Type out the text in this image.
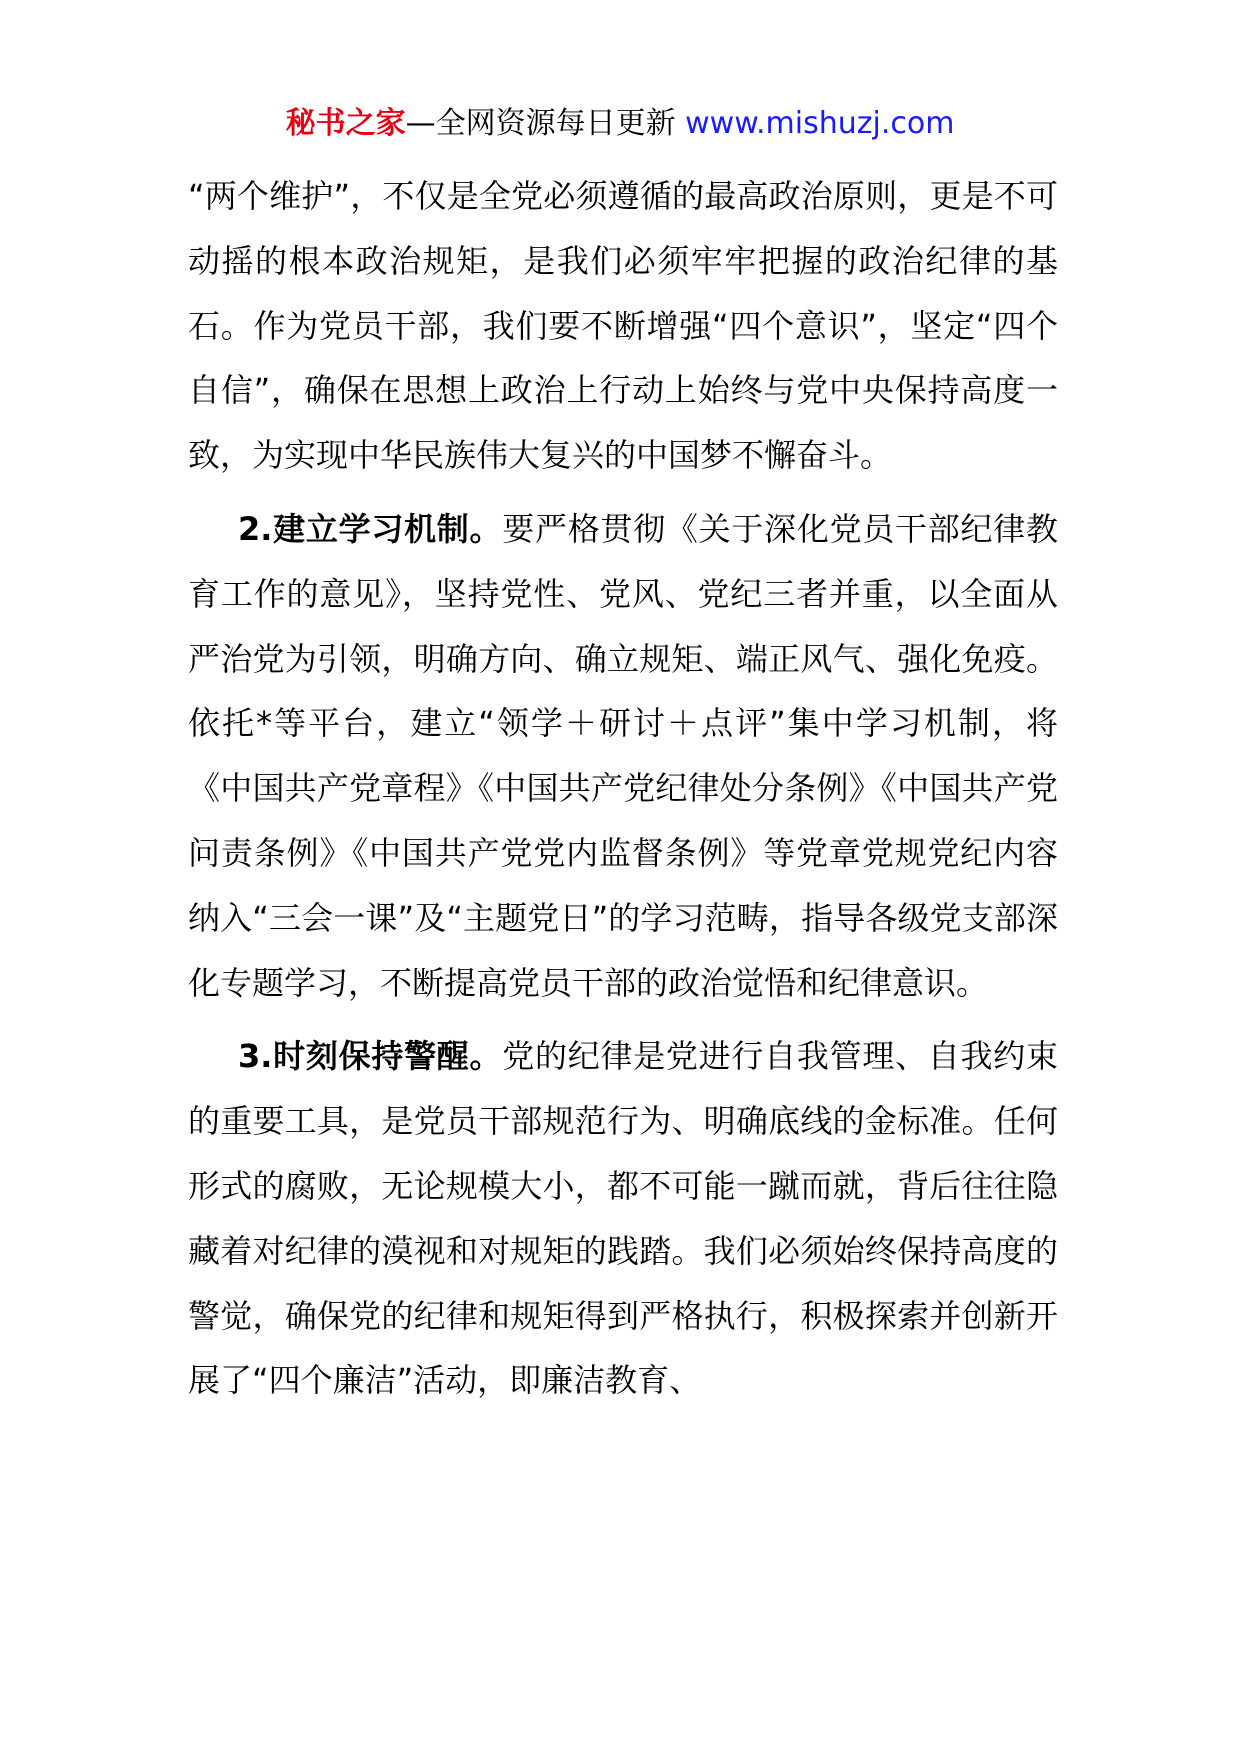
秘书之家—全网资源每日更新 www.mishuzj.com

“两个维护”，不仅是全党必须遵循的最高政治原则，更是不可动摇的根本政治规矩，是我们必须牢牢把握的政治纪律的基石。作为党员干部，我们要不断增强“四个意识”，坚定“四个自信”，确保在思想上政治上行动上始终与党中央保持高度一致，为实现中华民族伟大复兴的中国梦不懈奋斗。

2.建立学习机制。要严格贯彻《关于深化党员干部纪律教育工作的意见》，坚持党性、党风、党纪三者并重，以全面从严治党为引领，明确方向、确立规矩、端正风气、强化免疫。依托*等平台，建立“领学＋研讨＋点评”集中学习机制，将《中国共产党章程》《中国共产党纪律处分条例》《中国共产党问责条例》《中国共产党党内监督条例》等党章党规党纪内容纳入“三会一课”及“主题党日”的学习范畴，指导各级党支部深化专题学习，不断提高党员干部的政治觉悟和纪律意识。

3.时刻保持警醒。党的纪律是党进行自我管理、自我约束的重要工具，是党员干部规范行为、明确底线的金标准。任何形式的腐败，无论规模大小，都不可能一蹴而就，背后往往隐藏着对纪律的漠视和对规矩的践踏。我们必须始终保持高度的警觉，确保党的纪律和规矩得到严格执行，积极探索并创新开展了“四个廉洁”活动，即廉洁教育、
